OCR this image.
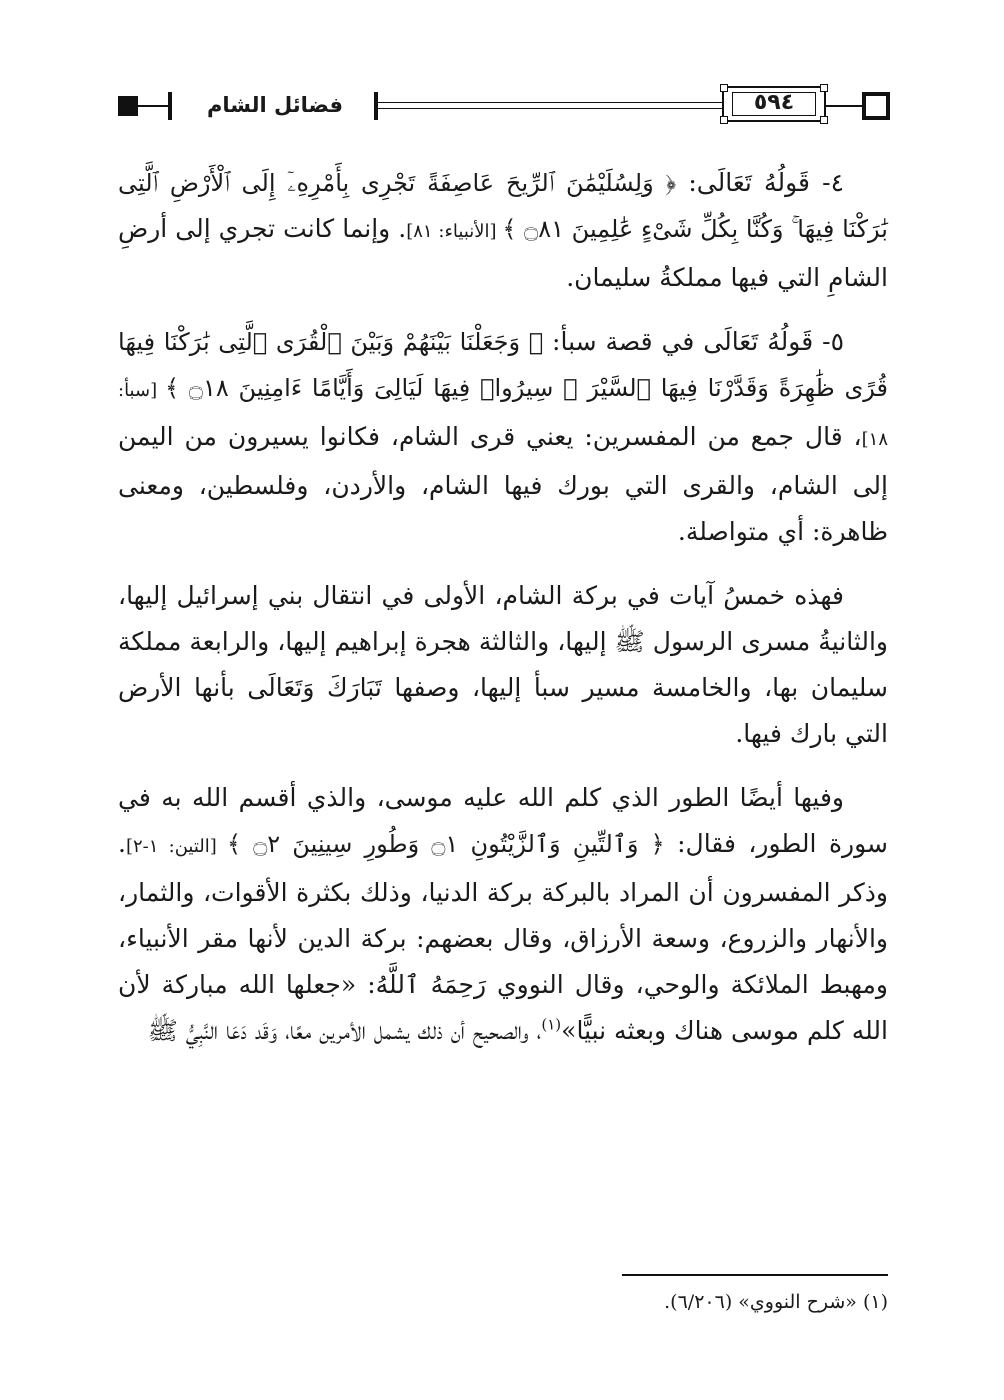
فضائل الشام	٥٩٤

٤- قَولُهُ تَعَالَى: ﴿ وَلِسُلَيْمَٰنَ ٱلرِّيحَ عَاصِفَةً تَجْرِى بِأَمْرِهِۦٓ إِلَى ٱلْأَرْضِ ٱلَّتِى بَٰرَكْنَا فِيهَا ۚ وَكُنَّا بِكُلِّ شَىْءٍ عَٰلِمِينَ ۝٨١ ﴾ [الأنبياء: ٨١]. وإنما كانت تجري إلى أرضِ الشامِ التي فيها مملكةُ سليمان.

٥- قَولُهُ تَعَالَى في قصة سبأ: ﴿ وَجَعَلْنَا بَيْنَهُمْ وَبَيْنَ ٱلْقُرَى ٱلَّتِى بَٰرَكْنَا فِيهَا قُرًى ظَٰهِرَةً وَقَدَّرْنَا فِيهَا ٱلسَّيْرَ ۖ سِيرُوا۟ فِيهَا لَيَالِىَ وَأَيَّامًا ءَامِنِينَ ۝١٨ ﴾ [سبأ: ١٨]، قال جمع من المفسرين: يعني قرى الشام، فكانوا يسيرون من اليمن إلى الشام، والقرى التي بورك فيها الشام، والأردن، وفلسطين، ومعنى ظاهرة: أي متواصلة.

فهذه خمسُ آيات في بركة الشام، الأولى في انتقال بني إسرائيل إليها، والثانيةُ مسرى الرسول ﷺ إليها، والثالثة هجرة إبراهيم إليها، والرابعة مملكة سليمان بها، والخامسة مسير سبأ إليها، وصفها تَبَارَكَ وَتَعَالَى بأنها الأرض التي بارك فيها.

وفيها أيضًا الطور الذي كلم الله عليه موسى، والذي أقسم الله به في سورة الطور، فقال: ﴿ وَٱلتِّينِ وَٱلزَّيْتُونِ ۝١ وَطُورِ سِينِينَ ۝٢ ﴾ [التين: ١-٢]. وذكر المفسرون أن المراد بالبركة بركة الدنيا، وذلك بكثرة الأقوات، والثمار، والأنهار والزروع، وسعة الأرزاق، وقال بعضهم: بركة الدين لأنها مقر الأنبياء، ومهبط الملائكة والوحي، وقال النووي رَحِمَهُ ٱللَّهُ: «جعلها الله مباركة لأن الله كلم موسى هناك وبعثه نبيًّا»$^{(١)}$، والصحيح أن ذلك يشمل الأمرين معًا، وَقَد دَعَا النَّبِيُّ ﷺ

(١) «شرح النووي» (٦/٢٠٦).
